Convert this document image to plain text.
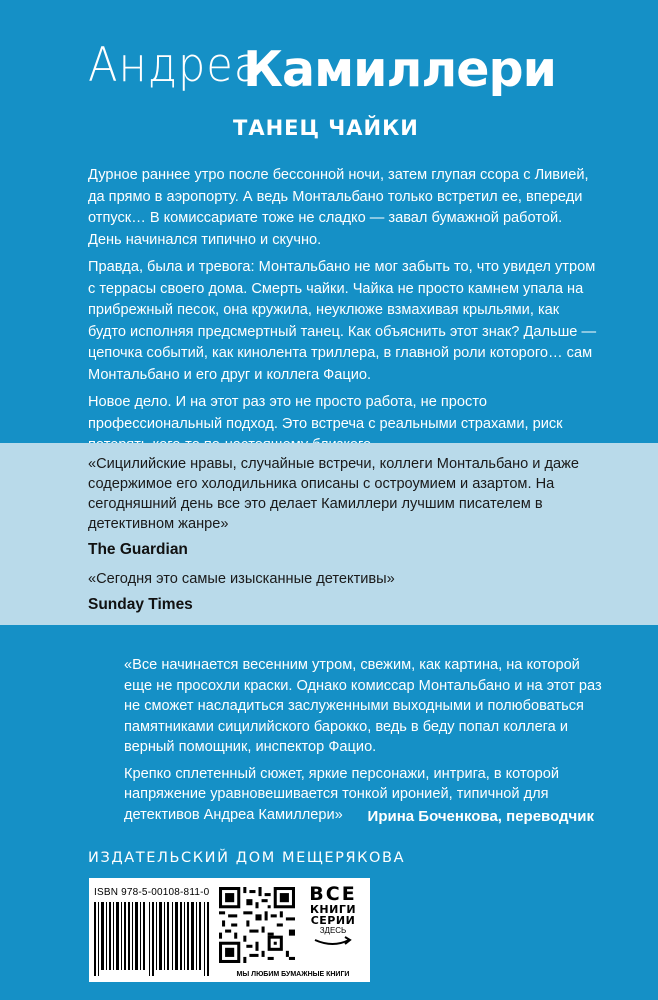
Андреа
Камиллери
ТАНЕЦ ЧАЙКИ

Дурное раннее утро после бессонной ночи, затем глупая ссора с Ливией, да прямо в аэропорту. А ведь Монтальбано только встретил ее, впереди отпуск… В комиссариате тоже не сладко — завал бумажной работой. День начинался типично и скучно.

Правда, была и тревога: Монтальбано не мог забыть то, что увидел утром с террасы своего дома. Смерть чайки. Чайка не просто камнем упала на прибрежный песок, она кружила, неуклюже взмахивая крыльями, как будто исполняя предсмертный танец. Как объяснить этот знак? Дальше — цепочка событий, как кинолента триллера, в главной роли которого… сам Монтальбано и его друг и коллега Фацио.

Новое дело. И на этот раз это не просто работа, не просто профессиональный подход. Это встреча с реальными страхами, риск

«Сицилийские нравы, случайные встречи, коллеги Монтальбано и даже содержимое его холодильника описаны с остроумием и азартом. На сегодняшний день все это делает Камиллери лучшим писателем в детективном жанре»
The Guardian
«Сегодня это самые изысканные детективы»
Sunday Times

«Все начинается весенним утром, свежим, как картина, на которой еще не просохли краски. Однако комиссар Монтальбано и на этот раз не сможет насладиться заслуженными выходными и полюбоваться памятниками сицилийского барокко, ведь в беду попал коллега и верный помощник, инспектор Фацио.

Крепко сплетенный сюжет, яркие персонажи, интрига, в которой напряжение уравновешивается тонкой иронией, типичной для детективов Андреа Камиллери»	Ирина Боченкова, переводчик
ИЗДАТЕЛЬСКИЙ ДОМ МЕЩЕРЯКОВА
ISBN 978-5-00108-811-0	ВСЕ
КНИГИ
СЕРИИ
ЗДЕСЬ
МЫ ЛЮБИМ БУМАЖНЫЕ КНИГИ
